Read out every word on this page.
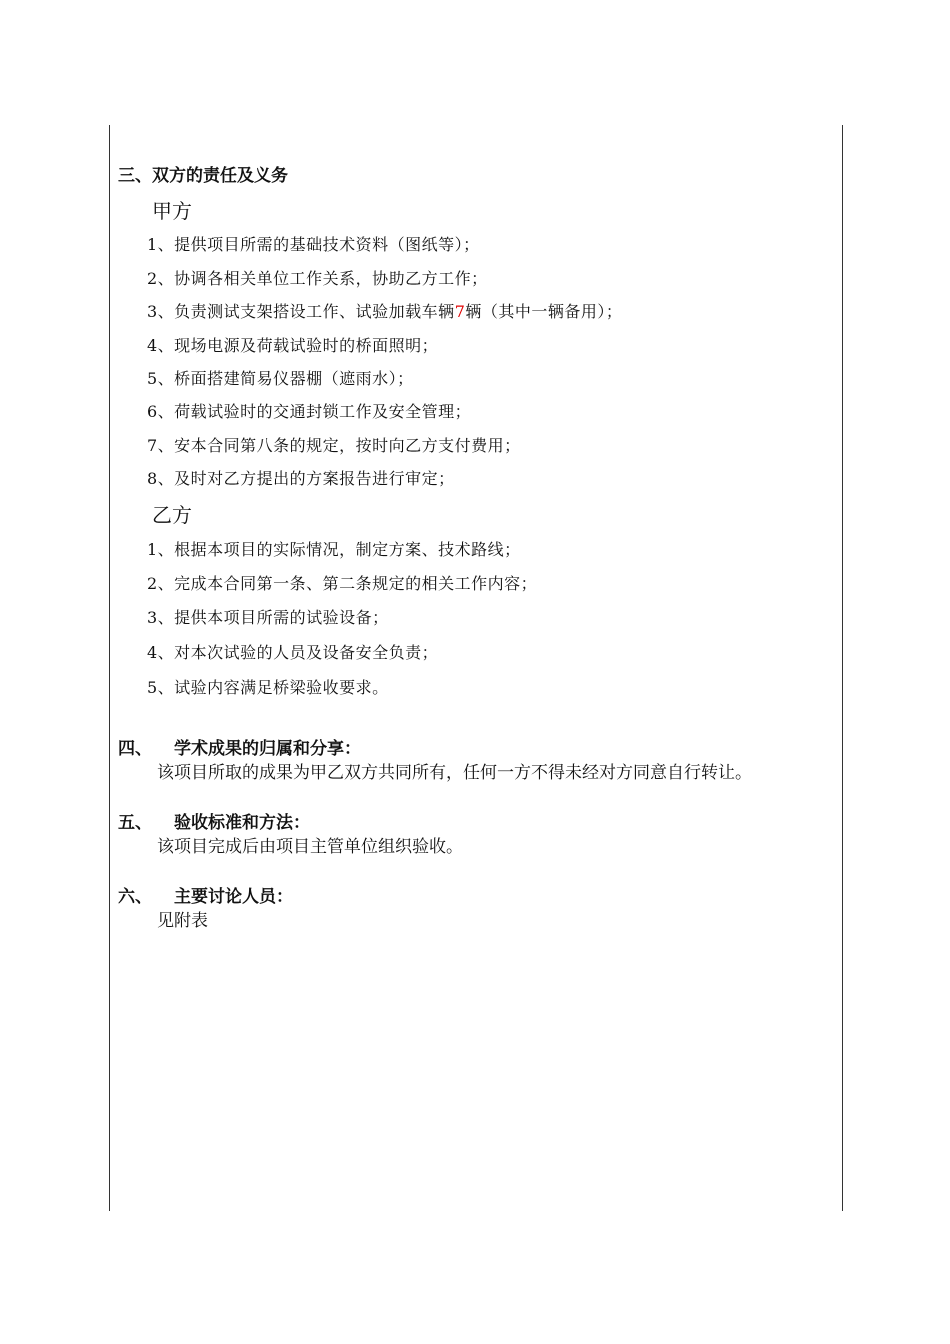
三、双方的责任及义务
甲方
1、提供项目所需的基础技术资料（图纸等）；
2、协调各相关单位工作关系，协助乙方工作；
3、负责测试支架搭设工作、试验加载车辆7辆（其中一辆备用）；
4、现场电源及荷载试验时的桥面照明；
5、桥面搭建简易仪器棚（遮雨水）；
6、荷载试验时的交通封锁工作及安全管理；
7、安本合同第八条的规定，按时向乙方支付费用；
8、及时对乙方提出的方案报告进行审定；
乙方
1、根据本项目的实际情况，制定方案、技术路线；
2、完成本合同第一条、第二条规定的相关工作内容；
3、提供本项目所需的试验设备；
4、对本次试验的人员及设备安全负责；
5、试验内容满足桥梁验收要求。
四、 学术成果的归属和分享：
该项目所取的成果为甲乙双方共同所有，任何一方不得未经对方同意自行转让。
五、 验收标准和方法：
该项目完成后由项目主管单位组织验收。
六、 主要讨论人员：
见附表
